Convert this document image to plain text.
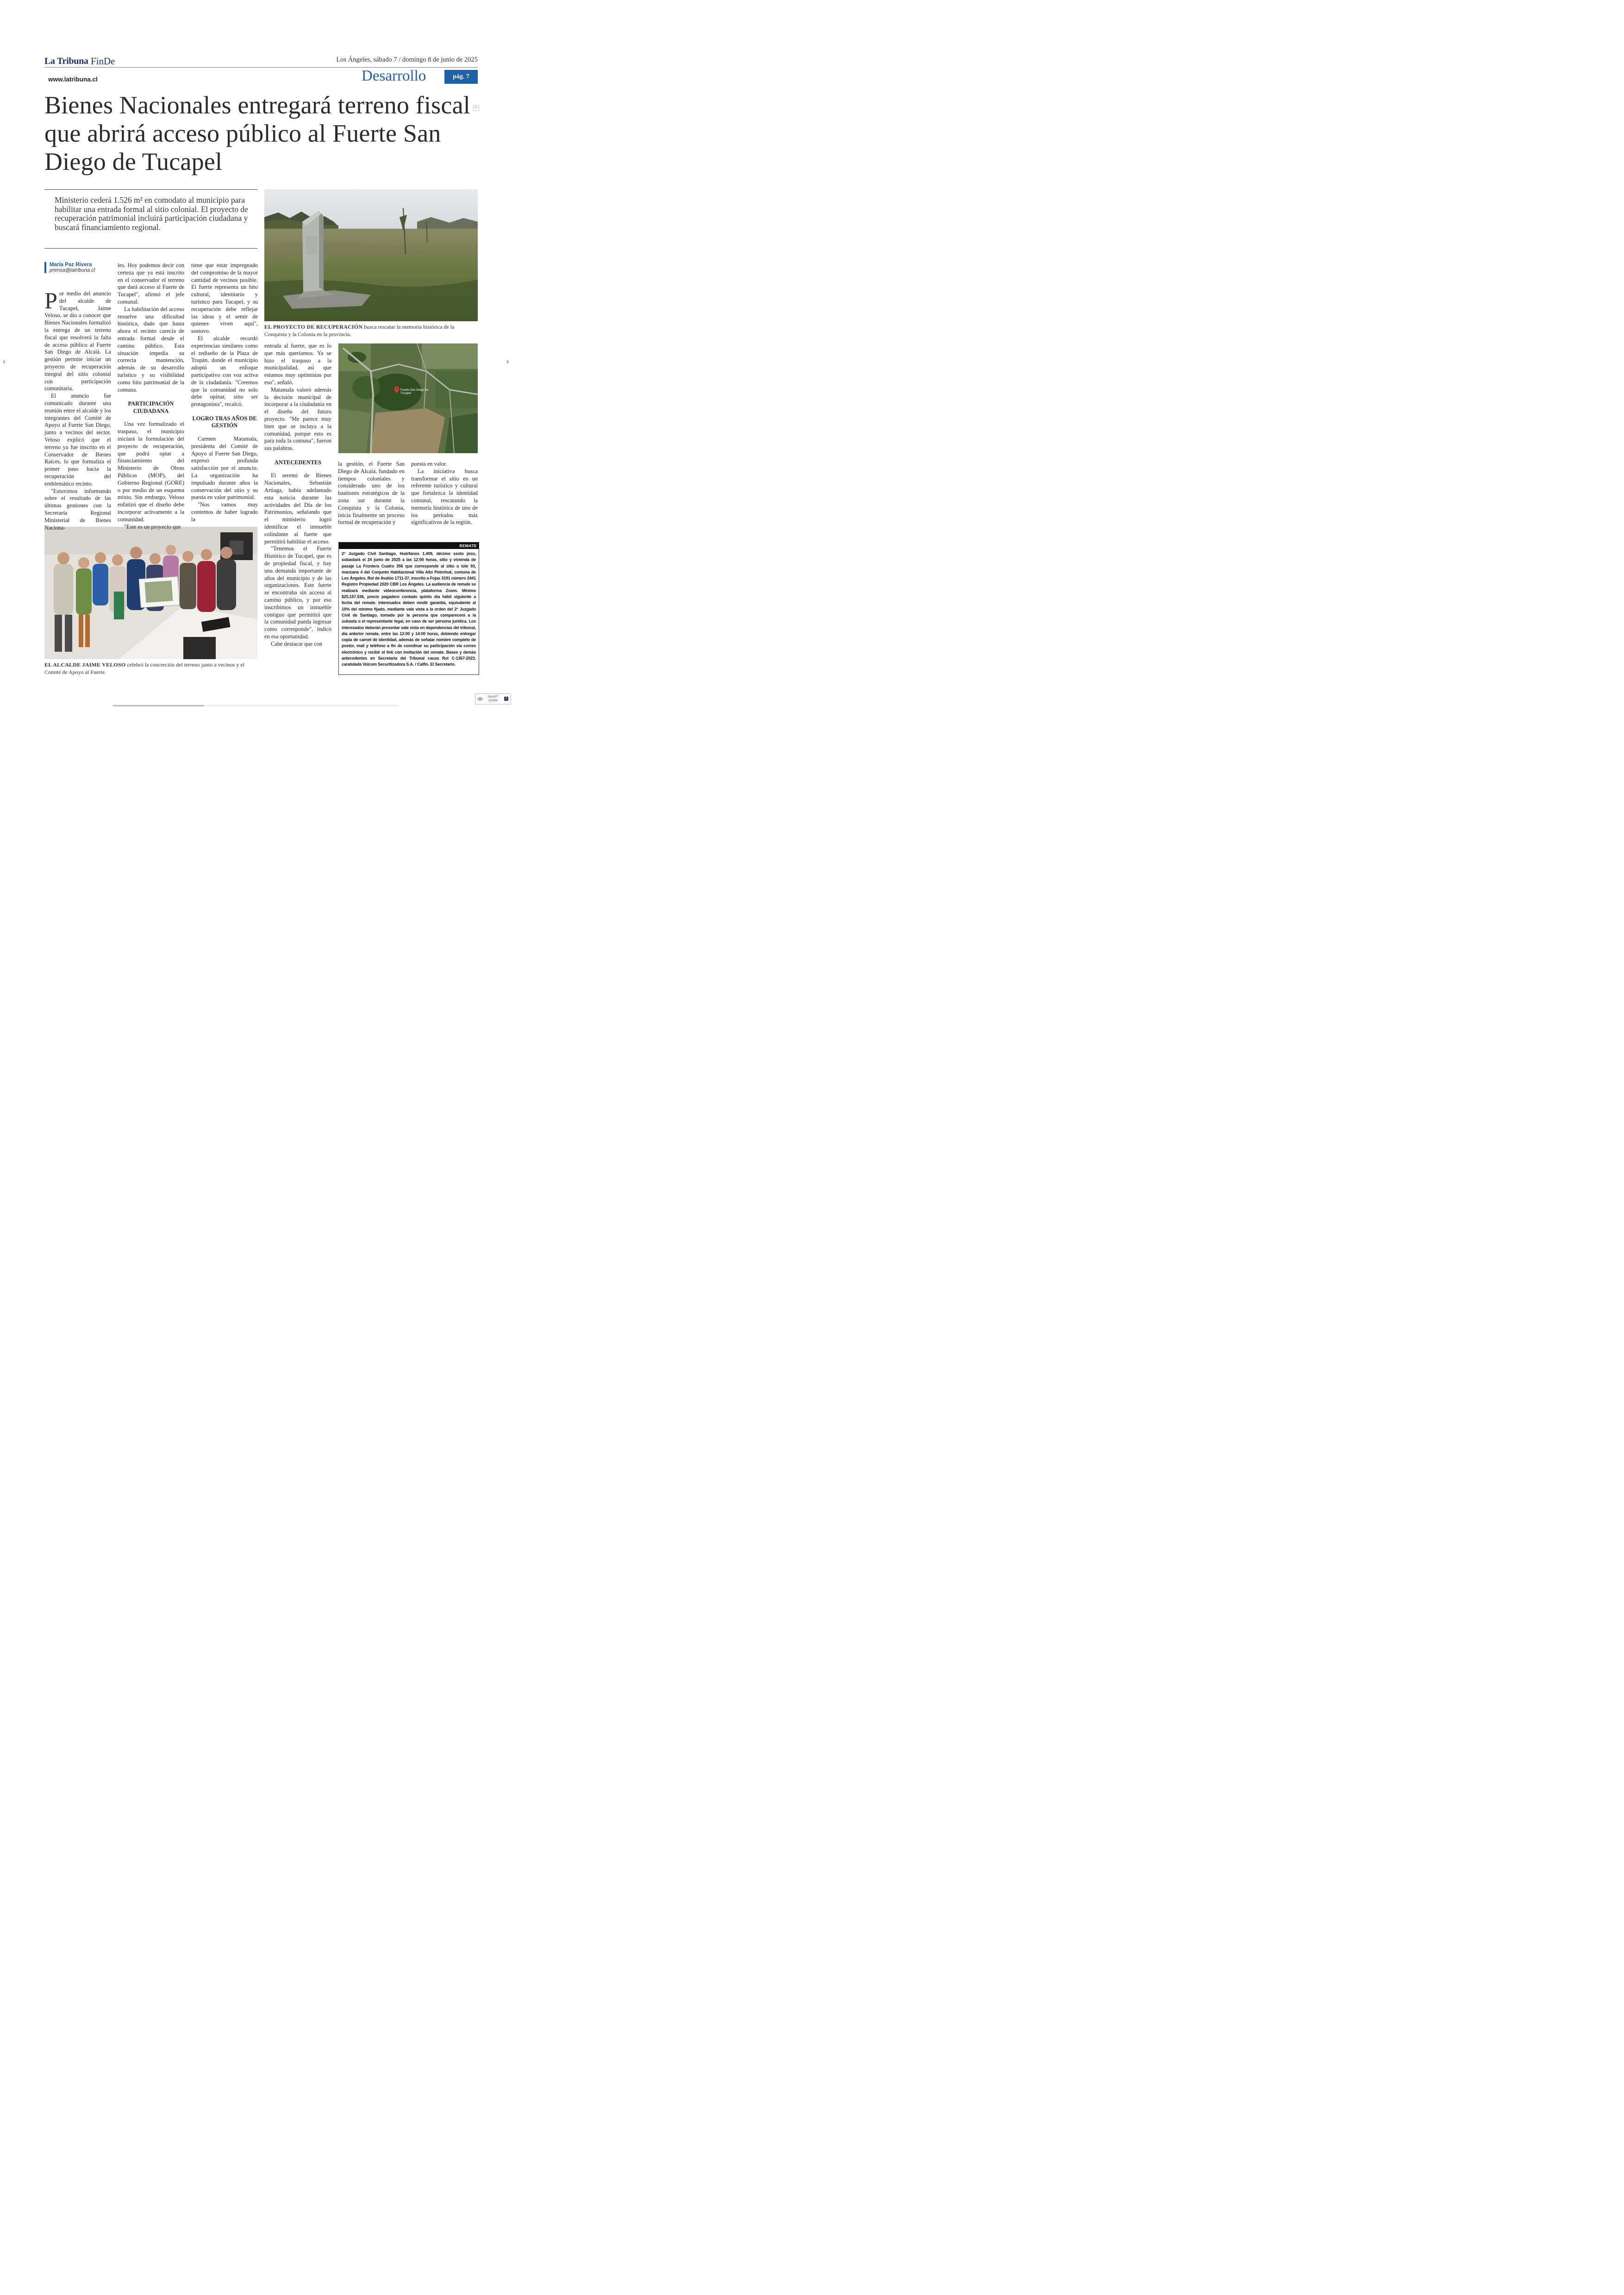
La Tribuna FinDe	Los Ángeles, sábado 7 / domingo 8 de junio de 2025
www.latribuna.cl	Desarrollo	pág. 7
Bienes Nacionales entregará terreno fiscal que abrirá acceso público al Fuerte San Diego de Tucapel
P

Ministerio cederá 1.526 m² en comodato al municipio para habilitar una entrada formal al sitio colonial. El proyecto de recuperación patrimonial incluirá participación ciudadana y buscará financiamiento regional.

EL PROYECTO DE RECUPERACIÓN busca rescatar la memoria histórica de la Conquista y la Colonia en la provincia.
Fuerte San Diego de Tucapel
EL ALCALDE JAIME VELOSO celebró la concreción del terreno junto a vecinos y el Comité de Apoyo al Fuerte.
María Paz Rivera
prensa@latribuna.cl

Por medio del anuncio del alcalde de Tucapel, Jaime Veloso, se dio a conocer que Bienes Nacionales formalizó la entrega de un terreno fiscal que resolverá la falta de acceso público al Fuerte San Diego de Alcalá. La gestión permite iniciar un proyecto de recuperación integral del sitio colonial con participación comunitaria.

El anuncio fue comunicado durante una reunión entre el alcalde y los integrantes del Comité de Apoyo al Fuerte San Diego, junto a vecinos del sector. Veloso explicó que el terreno ya fue inscrito en el Conservador de Bienes Raíces, lo que formaliza el primer paso hacia la recuperación del emblemático recinto.

"Estuvimos informando sobre el resultado de las últimas gestiones con la Secretaría Regional Ministerial de Bienes Naciona-

les. Hoy podemos decir con certeza que ya está inscrito en el conservador el terreno que dará acceso al Fuerte de Tucapel", afirmó el jefe comunal.

La habilitación del acceso resuelve una dificultad histórica, dado que hasta ahora el recinto carecía de entrada formal desde el camino público. Esta situación impedía su correcta mantención, además de su desarrollo turístico y su visibilidad como hito patrimonial de la comuna.

PARTICIPACIÓN CIUDADANA

Una vez formalizado el traspaso, el municipio iniciará la formulación del proyecto de recuperación, que podrá optar a financiamiento del Ministerio de Obras Públicas (MOP), del Gobierno Regional (GORE) o por medio de un esquema mixto. Sin embargo, Veloso enfatizó que el diseño debe incorporar activamente a la comunidad.

"Este es un proyecto que

tiene que estar impregnado del compromiso de la mayor cantidad de vecinos posible. El fuerte representa un hito cultural, identitario y turístico para Tucapel, y su recuperación debe reflejar las ideas y el sentir de quienes viven aquí", sostuvo.

El alcalde recordó experiencias similares como el rediseño de la Plaza de Trupán, donde el municipio adoptó un enfoque participativo con voz activa de la ciudadanía. "Creemos que la comunidad no solo debe opinar, sino ser protagonista", recalcó.

LOGRO TRAS AÑOS DE GESTIÓN

Carmen Matamala, presidenta del Comité de Apoyo al Fuerte San Diego, expresó profunda satisfacción por el anuncio. La organización ha impulsado durante años la conservación del sitio y su puesta en valor patrimonial.

"Nos vamos muy contentos de haber logrado la

entrada al fuerte, que es lo que más queríamos. Ya se hizo el traspaso a la municipalidad, así que estamos muy optimistas por eso", señaló.

Matamala valoró además la decisión municipal de incorporar a la ciudadanía en el diseño del futuro proyecto. "Me parece muy bien que se incluya a la comunidad, porque esto es para toda la comuna", fueron sus palabras.

ANTECEDENTES

El seremi de Bienes Nacionales, Sebastián Artiaga, había adelantado esta noticia durante las actividades del Día de los Patrimonios, señalando que el ministerio logró identificar el inmueble colindante al fuerte que permitirá habilitar el acceso.

"Tenemos el Fuerte Histórico de Tucapel, que es de propiedad fiscal, y hay una demanda importante de años del municipio y de las organizaciones. Este fuerte se encontraba sin acceso al camino público, y por eso inscribimos un inmueble contiguo que permitirá que la comunidad pueda ingresar como corresponde", indicó en esa oportunidad.

Cabe destacar que con

la gestión, el Fuerte San Diego de Alcalá, fundado en tiempos coloniales y considerado uno de los bastiones estratégicos de la zona sur durante la Conquista y la Colonia, inicia finalmente un proceso formal de recuperación y

puesta en valor.

La iniciativa busca transformar el sitio en un referente turístico y cultural que fortalezca la identidad comunal, rescatando la memoria histórica de uno de los períodos más significativos de la región.

REMATE
2° Juzgado Civil Santiago, Huérfanos 1.409, décimo sexto piso, subastará el 24 junio de 2025 a las 12:00 horas, sitio y vivienda de pasaje La Frontera Cuatro 356 que corresponde al sitio o lote 93, manzana 4 del Conjunto Habitacional Villa Alto Petrohué, comuna de Los Ángeles. Rol de Avalúo 1711-37, inscrito a Fojas 3191 número 2441 Registro Propiedad 2020 CBR Los Ángeles. La audiencia de remate se realizará mediante videoconferencia, plataforma Zoom. Mínimo $25.157.536, precio pagadero contado quinto día hábil siguiente a fecha del remate. Interesados deben rendir garantía, equivalente al 10% del mínimo fijado, mediante vale vista a la orden del 2° Juzgado Civil de Santiago, tomado por la persona que comparecerá a la subasta o el representante legal, en caso de ser persona jurídica. Los interesados deberán presentar vale vista en dependencias del tribunal, día anterior remate, entre las 12:00 y 14:00 horas, debiendo entregar copia de carnet de identidad, además de señalar nombre completo de postor, mail y teléfono a fin de coordinar su participación vía correo electrónico y recibir el link con invitación del remate. Bases y demás antecedentes en Secretaría del Tribunal causa Rol C-1367-2023, caratulada Volcom Securitizadora S.A. / Calfin. El Secretario.
‹	›
SMART
ZOOM
1
